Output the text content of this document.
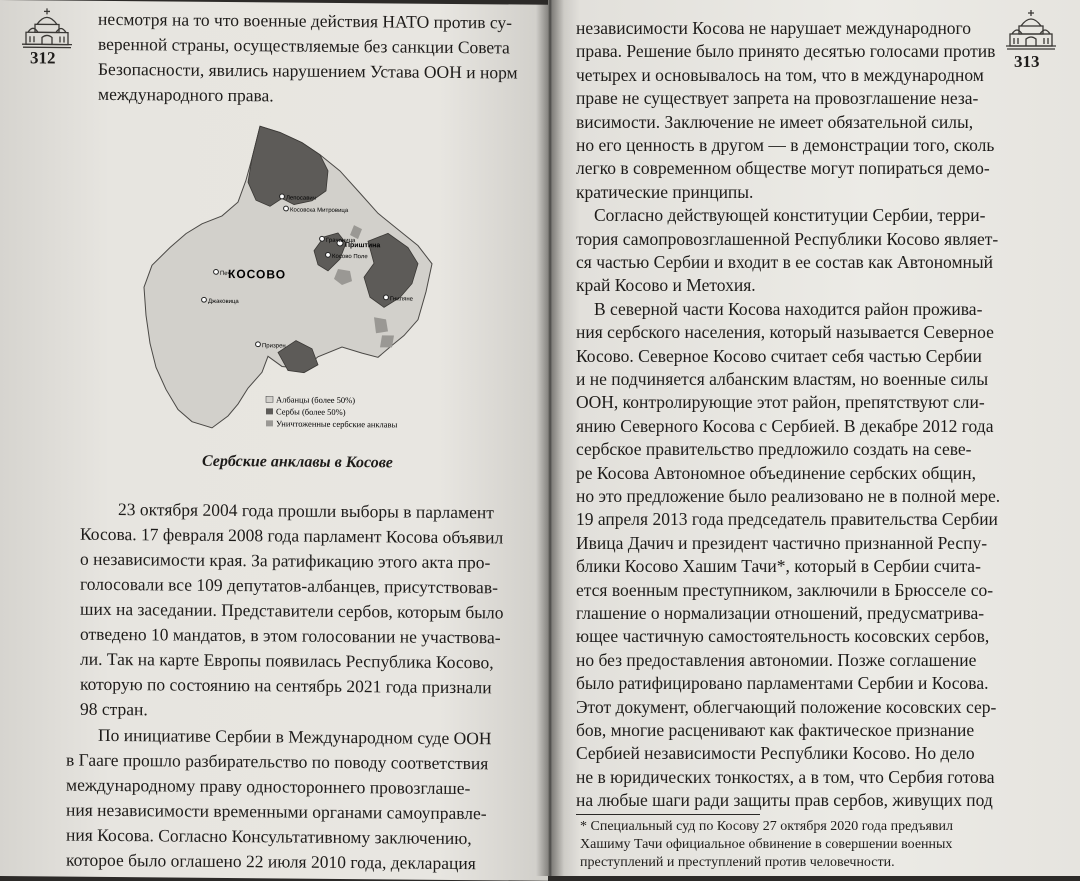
312
несмотря на то что военные действия НАТО против су-
веренной страны, осуществляемые без санкции Совета
Безопасности, явились нарушением Устава ООН и норм
международного права.
Лепосавич
Косовска Митровица
Грачаница
Приштина
Косово Поле
Гниляне
Печ
Джаковица
Призрен
КОСОВО
Албанцы (более 50%)
Сербы (более 50%)
Уничтоженные сербские анклавы
Сербские анклавы в Косове
23 октября 2004 года прошли выборы в парламент
Косова. 17 февраля 2008 года парламент Косова объявил
о независимости края. За ратификацию этого акта про-
голосовали все 109 депутатов-албанцев, присутствовав-
ших на заседании. Представители сербов, которым было
отведено 10 мандатов, в этом голосовании не участвова-
ли. Так на карте Европы появилась Республика Косово,
которую по состоянию на сентябрь 2021 года признали
98 стран.
По инициативе Сербии в Международном суде ООН
в Гааге прошло разбирательство по поводу соответствия
международному праву одностороннего провозглаше-
ния независимости временными органами самоуправле-
ния Косова. Согласно Консультативному заключению,
которое было оглашено 22 июля 2010 года, декларация
313
независимости Косова не нарушает международного
права. Решение было принято десятью голосами против
четырех и основывалось на том, что в международном
праве не существует запрета на провозглашение неза-
висимости. Заключение не имеет обязательной силы,
но его ценность в другом — в демонстрации того, сколь
легко в современном обществе могут попираться демо-
кратические принципы.
Согласно действующей конституции Сербии, терри-
тория самопровозглашенной Республики Косово являет-
ся частью Сербии и входит в ее состав как Автономный
край Косово и Метохия.
В северной части Косова находится район прожива-
ния сербского населения, который называется Северное
Косово. Северное Косово считает себя частью Сербии
и не подчиняется албанским властям, но военные силы
ООН, контролирующие этот район, препятствуют сли-
янию Северного Косова с Сербией. В декабре 2012 года
сербское правительство предложило создать на севе-
ре Косова Автономное объединение сербских общин,
но это предложение было реализовано не в полной мере.
19 апреля 2013 года председатель правительства Сербии
Ивица Дачич и президент частично признанной Респу-
блики Косово Хашим Тачи*, который в Сербии счита-
ется военным преступником, заключили в Брюсселе со-
глашение о нормализации отношений, предусматрива-
ющее частичную самостоятельность косовских сербов,
но без предоставления автономии. Позже соглашение
было ратифицировано парламентами Сербии и Косова.
Этот документ, облегчающий положение косовских сер-
бов, многие расценивают как фактическое признание
Сербией независимости Республики Косово. Но дело
не в юридических тонкостях, а в том, что Сербия готова
на любые шаги ради защиты прав сербов, живущих под
* Специальный суд по Косову 27 октября 2020 года предъявил
Хашиму Тачи официальное обвинение в совершении военных
преступлений и преступлений против человечности.
